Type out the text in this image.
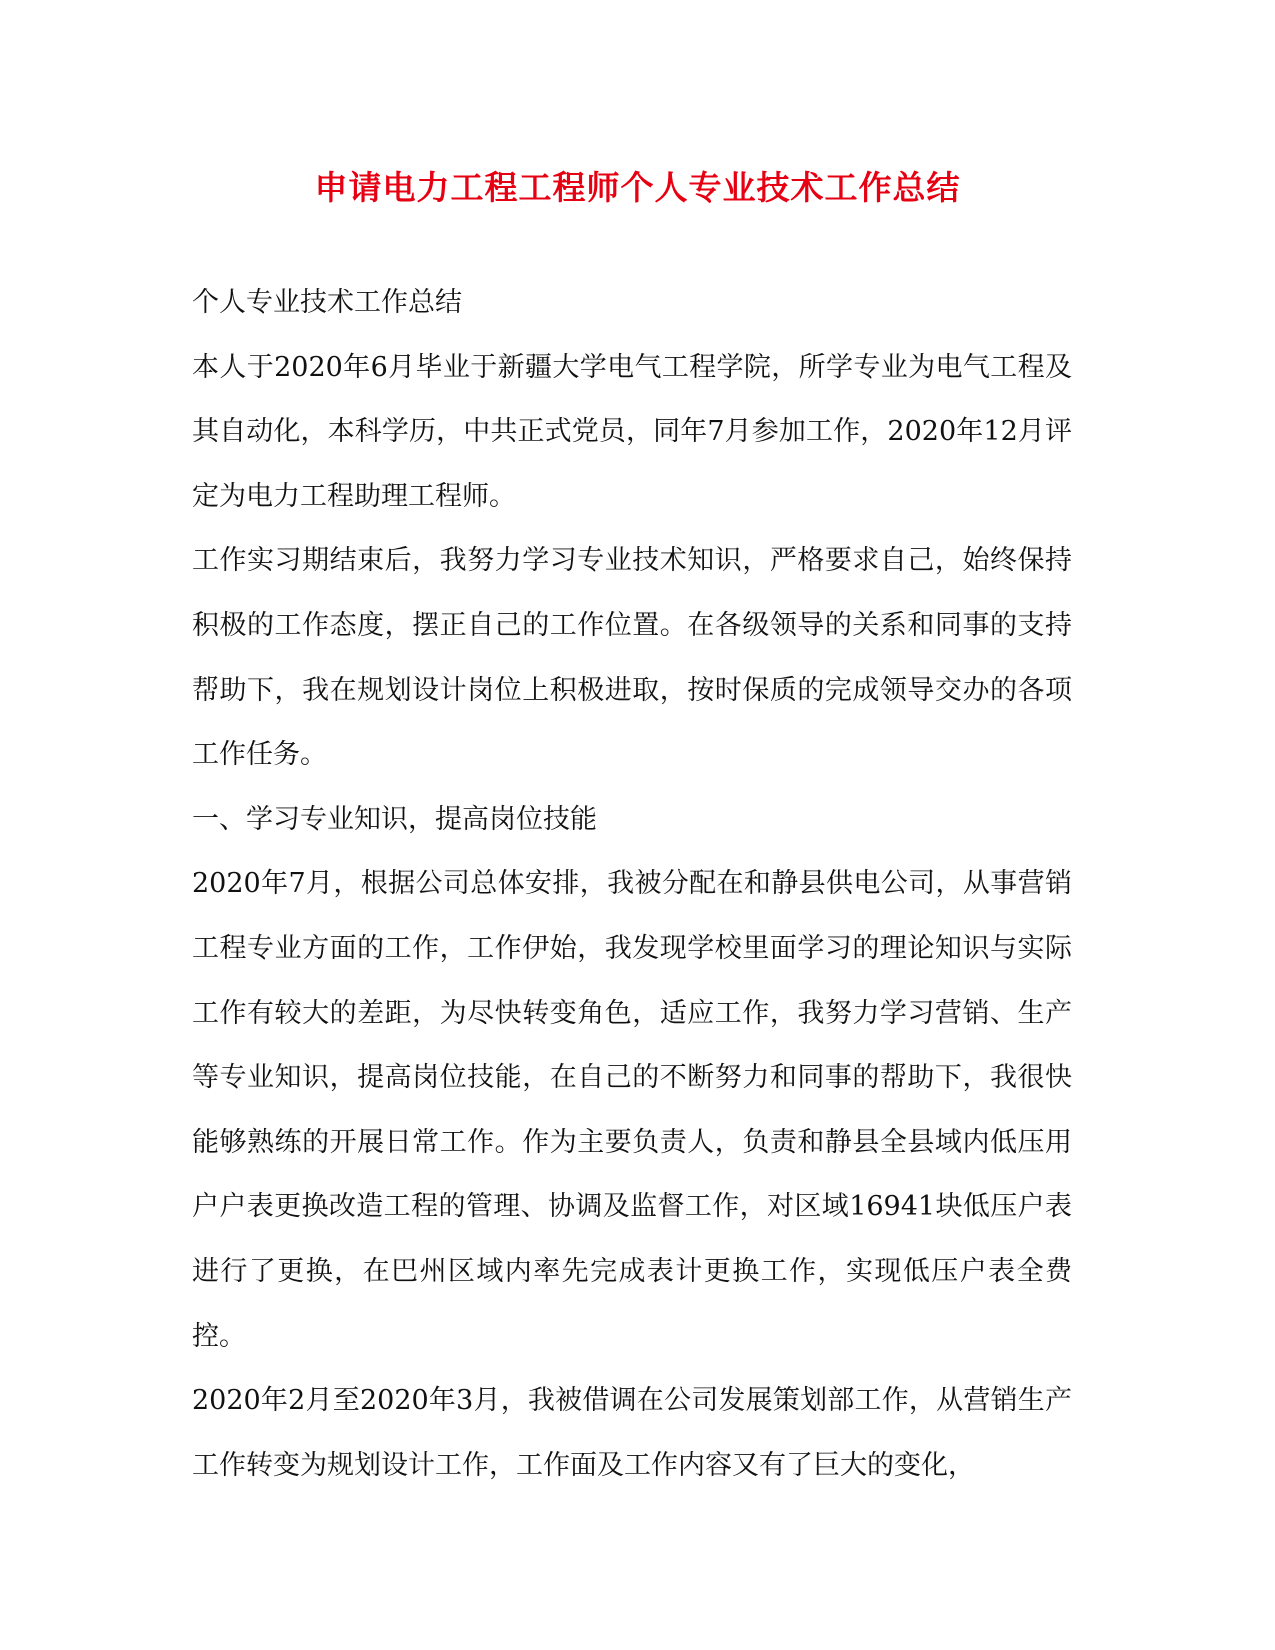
申请电力工程工程师个人专业技术工作总结

个人专业技术工作总结

本人于2020年6月毕业于新疆大学电气工程学院，所学专业为电气工程及其自动化，本科学历，中共正式党员，同年7月参加工作，2020年12月评定为电力工程助理工程师。

工作实习期结束后，我努力学习专业技术知识，严格要求自己，始终保持积极的工作态度，摆正自己的工作位置。在各级领导的关系和同事的支持帮助下，我在规划设计岗位上积极进取，按时保质的完成领导交办的各项工作任务。

一、学习专业知识，提高岗位技能

2020年7月，根据公司总体安排，我被分配在和静县供电公司，从事营销工程专业方面的工作，工作伊始，我发现学校里面学习的理论知识与实际工作有较大的差距，为尽快转变角色，适应工作，我努力学习营销、生产等专业知识，提高岗位技能，在自己的不断努力和同事的帮助下，我很快能够熟练的开展日常工作。作为主要负责人，负责和静县全县域内低压用户户表更换改造工程的管理、协调及监督工作，对区域16941块低压户表进行了更换，在巴州区域内率先完成表计更换工作，实现低压户表全费控。

2020年2月至2020年3月，我被借调在公司发展策划部工作，从营销生产工作转变为规划设计工作，工作面及工作内容又有了巨大的变化，
